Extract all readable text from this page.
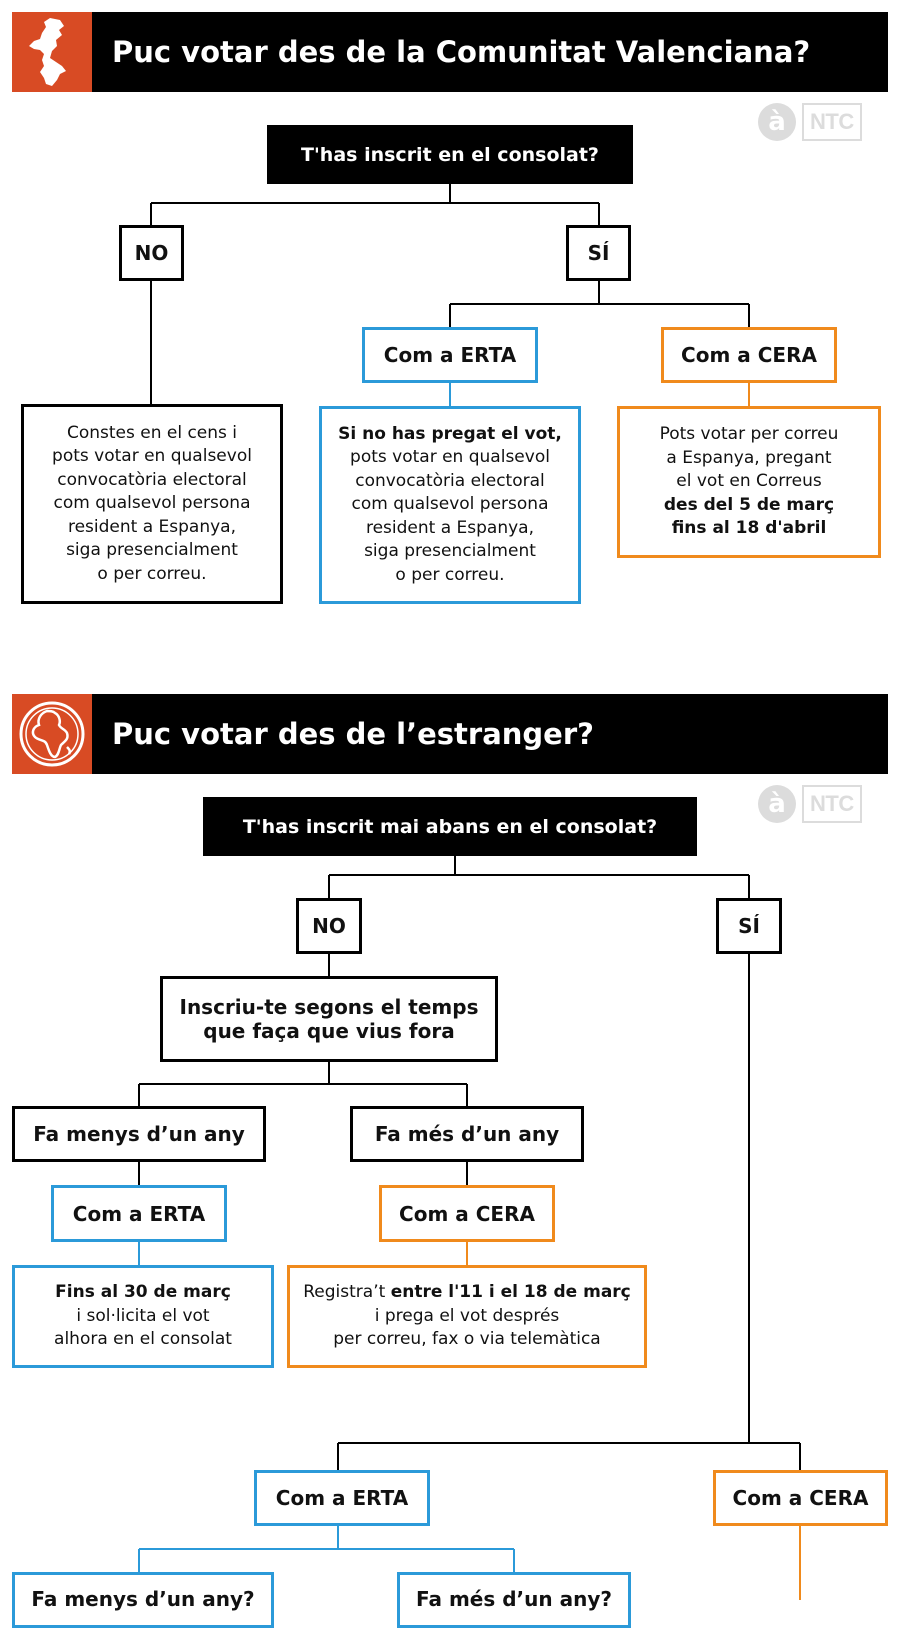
Puc votar des de la Comunitat Valenciana?
à	NTC
T'has inscrit en el consolat?
NO	SÍ
Com a ERTA	Com a CERA
Constes en el cens i
pots votar en qualsevol
convocatòria electoral
com qualsevol persona
resident a Espanya,
siga presencialment
o per correu.
Si no has pregat el vot,
pots votar en qualsevol
convocatòria electoral
com qualsevol persona
resident a Espanya,
siga presencialment
o per correu.
Pots votar per correu
a Espanya, pregant
el vot en Correus
des del 5 de març
fins al 18 d'abril
Puc votar des de l’estranger?
à	NTC
T'has inscrit mai abans en el consolat?
NO	SÍ
Inscriu-te segons el temps
que faça que vius fora
Fa menys d’un any	Fa més d’un any
Com a ERTA	Com a CERA
Fins al 30 de març
i sol·licita el vot
alhora en el consolat
Registra’t entre l'11 i el 18 de març
i prega el vot després
per correu, fax o via telemàtica
Com a ERTA	Com a CERA
Fa menys d’un any?	Fa més d’un any?
